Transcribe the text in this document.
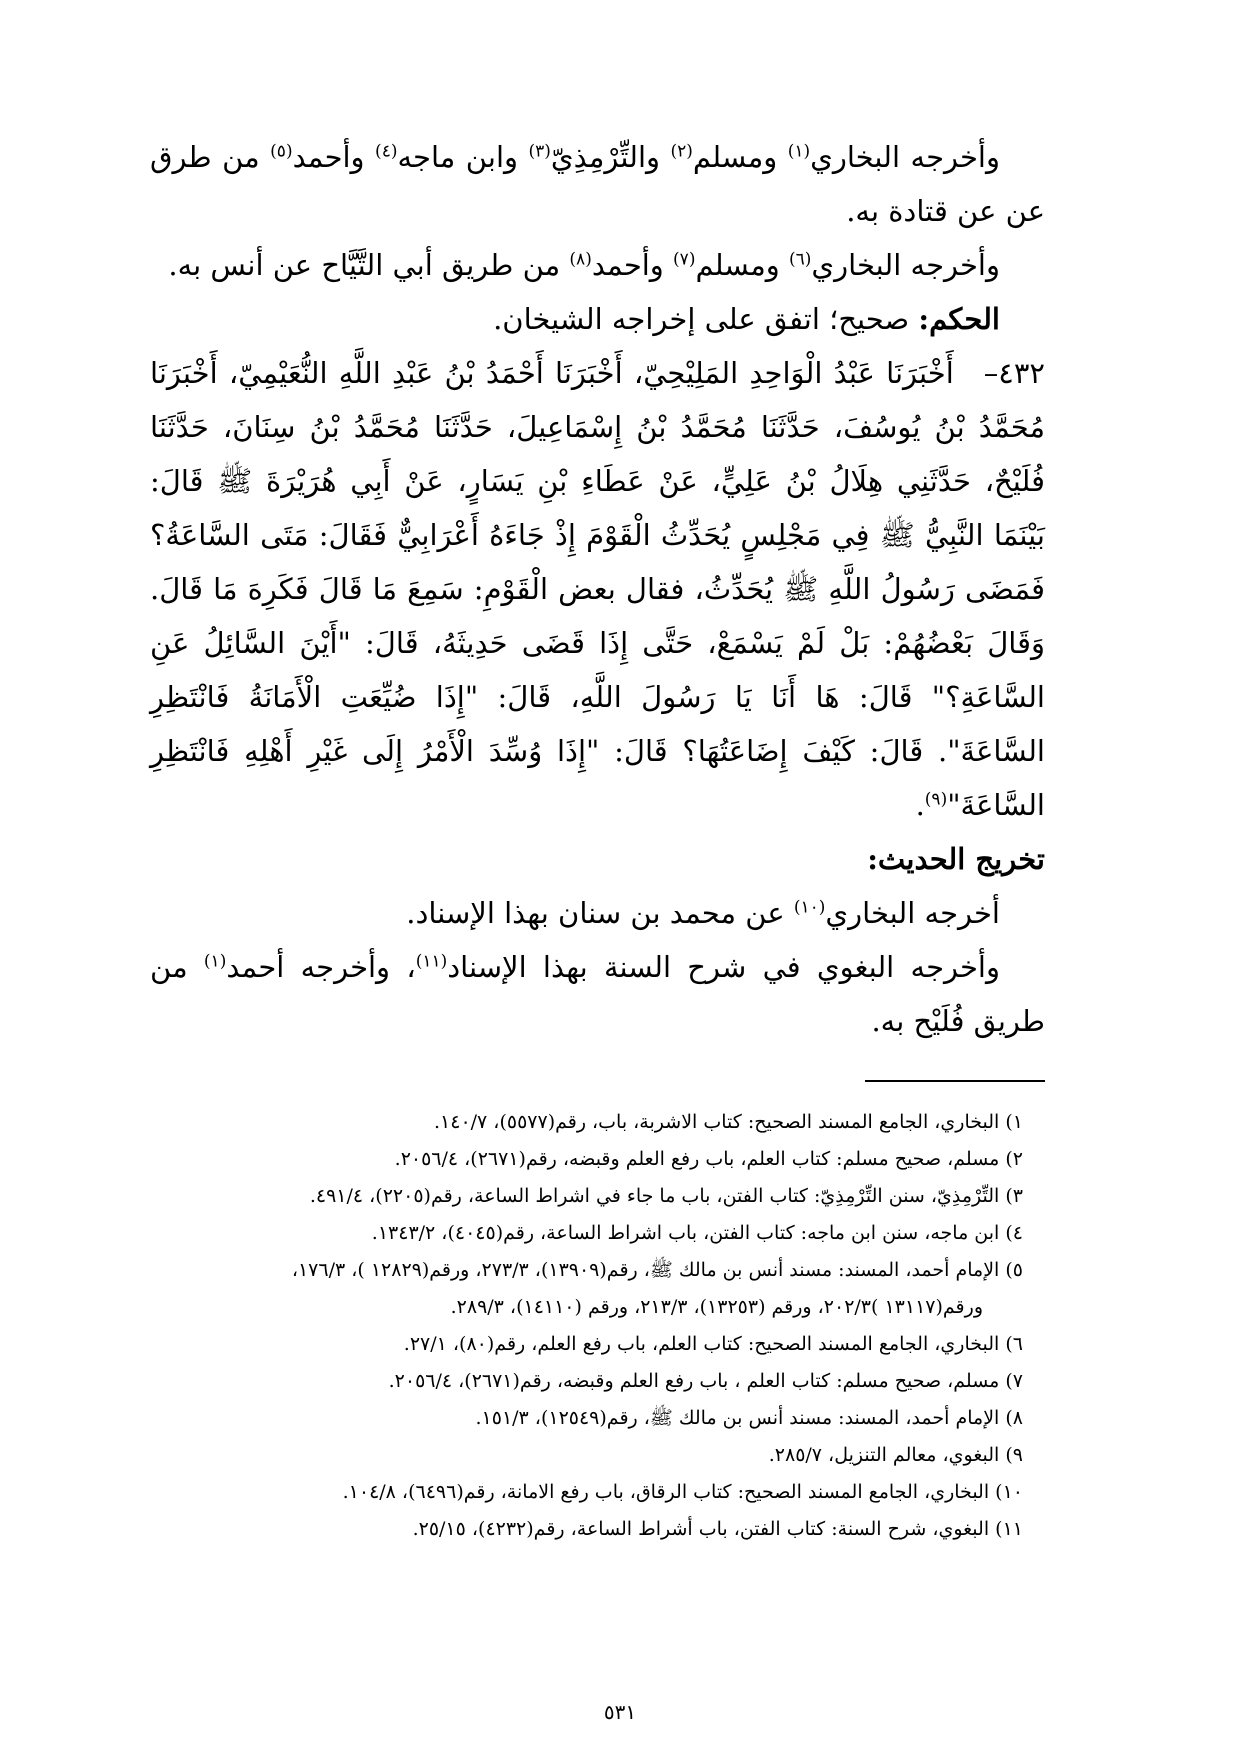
وأخرجه البخاري$^{(١)}$ ومسلم$^{(٢)}$ والتِّرْمِذِيّ$^{(٣)}$ وابن ماجه$^{(٤)}$ وأحمد$^{(٥)}$ من طرق عن عن قتادة به.

وأخرجه البخاري$^{(٦)}$ ومسلم$^{(٧)}$ وأحمد$^{(٨)}$ من طريق أبي التَّيَّاح عن أنس به.

الحكم: صحيح؛ اتفق على إخراجه الشيخان.

٤٣٢–أَخْبَرَنَا عَبْدُ الْوَاحِدِ المَلِيْحِيّ، أَخْبَرَنَا أَحْمَدُ بْنُ عَبْدِ اللَّهِ النُّعَيْمِيّ، أَخْبَرَنَا مُحَمَّدُ بْنُ يُوسُفَ، حَدَّثَنَا مُحَمَّدُ بْنُ إِسْمَاعِيلَ، حَدَّثَنَا مُحَمَّدُ بْنُ سِنَانَ، حَدَّثَنَا فُلَيْحٌ، حَدَّثَنِي هِلَالُ بْنُ عَلِيٍّ، عَنْ عَطَاءِ بْنِ يَسَارٍ، عَنْ أَبِي هُرَيْرَةَ ﷺ قَالَ: بَيْنَمَا النَّبِيُّ ﷺ فِي مَجْلِسٍ يُحَدِّثُ الْقَوْمَ إِذْ جَاءَهُ أَعْرَابِيٌّ فَقَالَ: مَتَى السَّاعَةُ؟ فَمَضَى رَسُولُ اللَّهِ ﷺ يُحَدِّثُ، فقال بعض الْقَوْمِ: سَمِعَ مَا قَالَ فَكَرِهَ مَا قَالَ. وَقَالَ بَعْضُهُمْ: بَلْ لَمْ يَسْمَعْ، حَتَّى إِذَا قَضَى حَدِيثَهُ، قَالَ: "أَيْنَ السَّائِلُ عَنِ السَّاعَةِ؟" قَالَ: هَا أَنَا يَا رَسُولَ اللَّهِ، قَالَ: "إِذَا ضُيِّعَتِ الْأَمَانَةُ فَانْتَظِرِ السَّاعَةَ". قَالَ: كَيْفَ إِضَاعَتُهَا؟ قَالَ: "إِذَا وُسِّدَ الْأَمْرُ إِلَى غَيْرِ أَهْلِهِ فَانْتَظِرِ السَّاعَةَ"$^{(٩)}$.

تخريج الحديث:

أخرجه البخاري$^{(١٠)}$ عن محمد بن سنان بهذا الإسناد.

وأخرجه البغوي في شرح السنة بهذا الإسناد$^{(١١)}$، وأخرجه أحمد$^{(١)}$ من طريق فُلَيْح به.

١) البخاري، الجامع المسند الصحيح: كتاب الاشربة، باب، رقم(٥٥٧٧)، ١٤٠/٧.

٢) مسلم، صحيح مسلم: كتاب العلم، باب رفع العلم وقبضه، رقم(٢٦٧١)، ٢٠٥٦/٤.

٣) التِّرْمِذِيّ، سنن التِّرْمِذِيّ: كتاب الفتن، باب ما جاء في اشراط الساعة، رقم(٢٢٠٥)، ٤٩١/٤.

٤) ابن ماجه، سنن ابن ماجه: كتاب الفتن، باب اشراط الساعة، رقم(٤٠٤٥)، ١٣٤٣/٢.

٥) الإمام أحمد، المسند: مسند أنس بن مالك ﷺ، رقم(١٣٩٠٩)، ٢٧٣/٣، ورقم(١٢٨٢٩ )، ١٧٦/٣،

ورقم(١٣١١٧ )٢٠٢/٣، ورقم (١٣٢٥٣)، ٢١٣/٣، ورقم (١٤١١٠)، ٢٨٩/٣.

٦) البخاري، الجامع المسند الصحيح: كتاب العلم، باب رفع العلم، رقم(٨٠)، ٢٧/١.

٧) مسلم، صحيح مسلم: كتاب العلم ، باب رفع العلم وقبضه، رقم(٢٦٧١)، ٢٠٥٦/٤.

٨) الإمام أحمد، المسند: مسند أنس بن مالك ﷺ، رقم(١٢٥٤٩)، ١٥١/٣.

٩) البغوي، معالم التنزيل، ٢٨٥/٧.

١٠) البخاري، الجامع المسند الصحيح: كتاب الرقاق، باب رفع الامانة، رقم(٦٤٩٦)، ١٠٤/٨.

١١) البغوي، شرح السنة: كتاب الفتن، باب أشراط الساعة، رقم(٤٢٣٢)، ٢٥/١٥.

٥٣١
